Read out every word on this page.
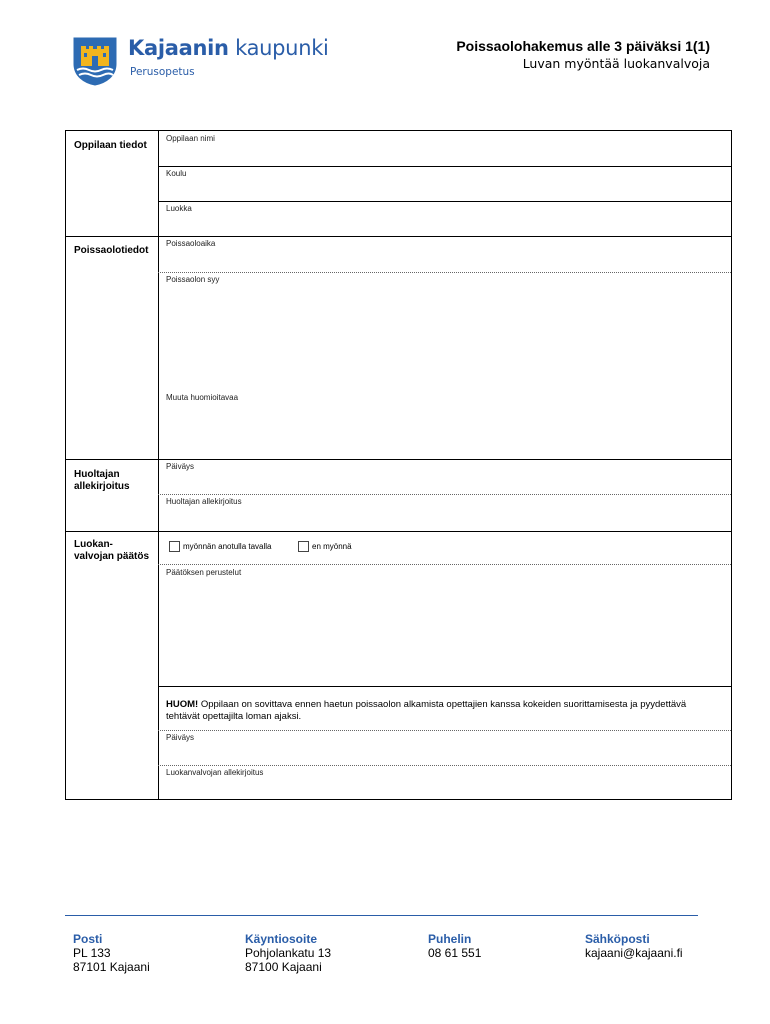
Kajaanin kaupunki
Perusopetus
Poissaolohakemus alle 3 päiväksi 1(1)
Luvan myöntää luokanvalvoja
Oppilaan tiedot
Oppilaan nimi
Koulu
Luokka
Poissaolotiedot
Poissaoloaika
Poissaolon syy
Muuta huomioitavaa
Huoltajan
allekirjoitus
Päiväys
Huoltajan allekirjoitus
Luokan-
valvojan päätös
myönnän anotulla tavalla	en myönnä
Päätöksen perustelut
HUOM! Oppilaan on sovittava ennen haetun poissaolon alkamista opettajien kanssa kokeiden suorittamisesta ja pyydettävä tehtävät opettajilta loman ajaksi.
Päiväys
Luokanvalvojan allekirjoitus
Posti
PL 133
87101 Kajaani
Käyntiosoite
Pohjolankatu 13
87100 Kajaani
Puhelin
08 61 551
Sähköposti
kajaani@kajaani.fi
